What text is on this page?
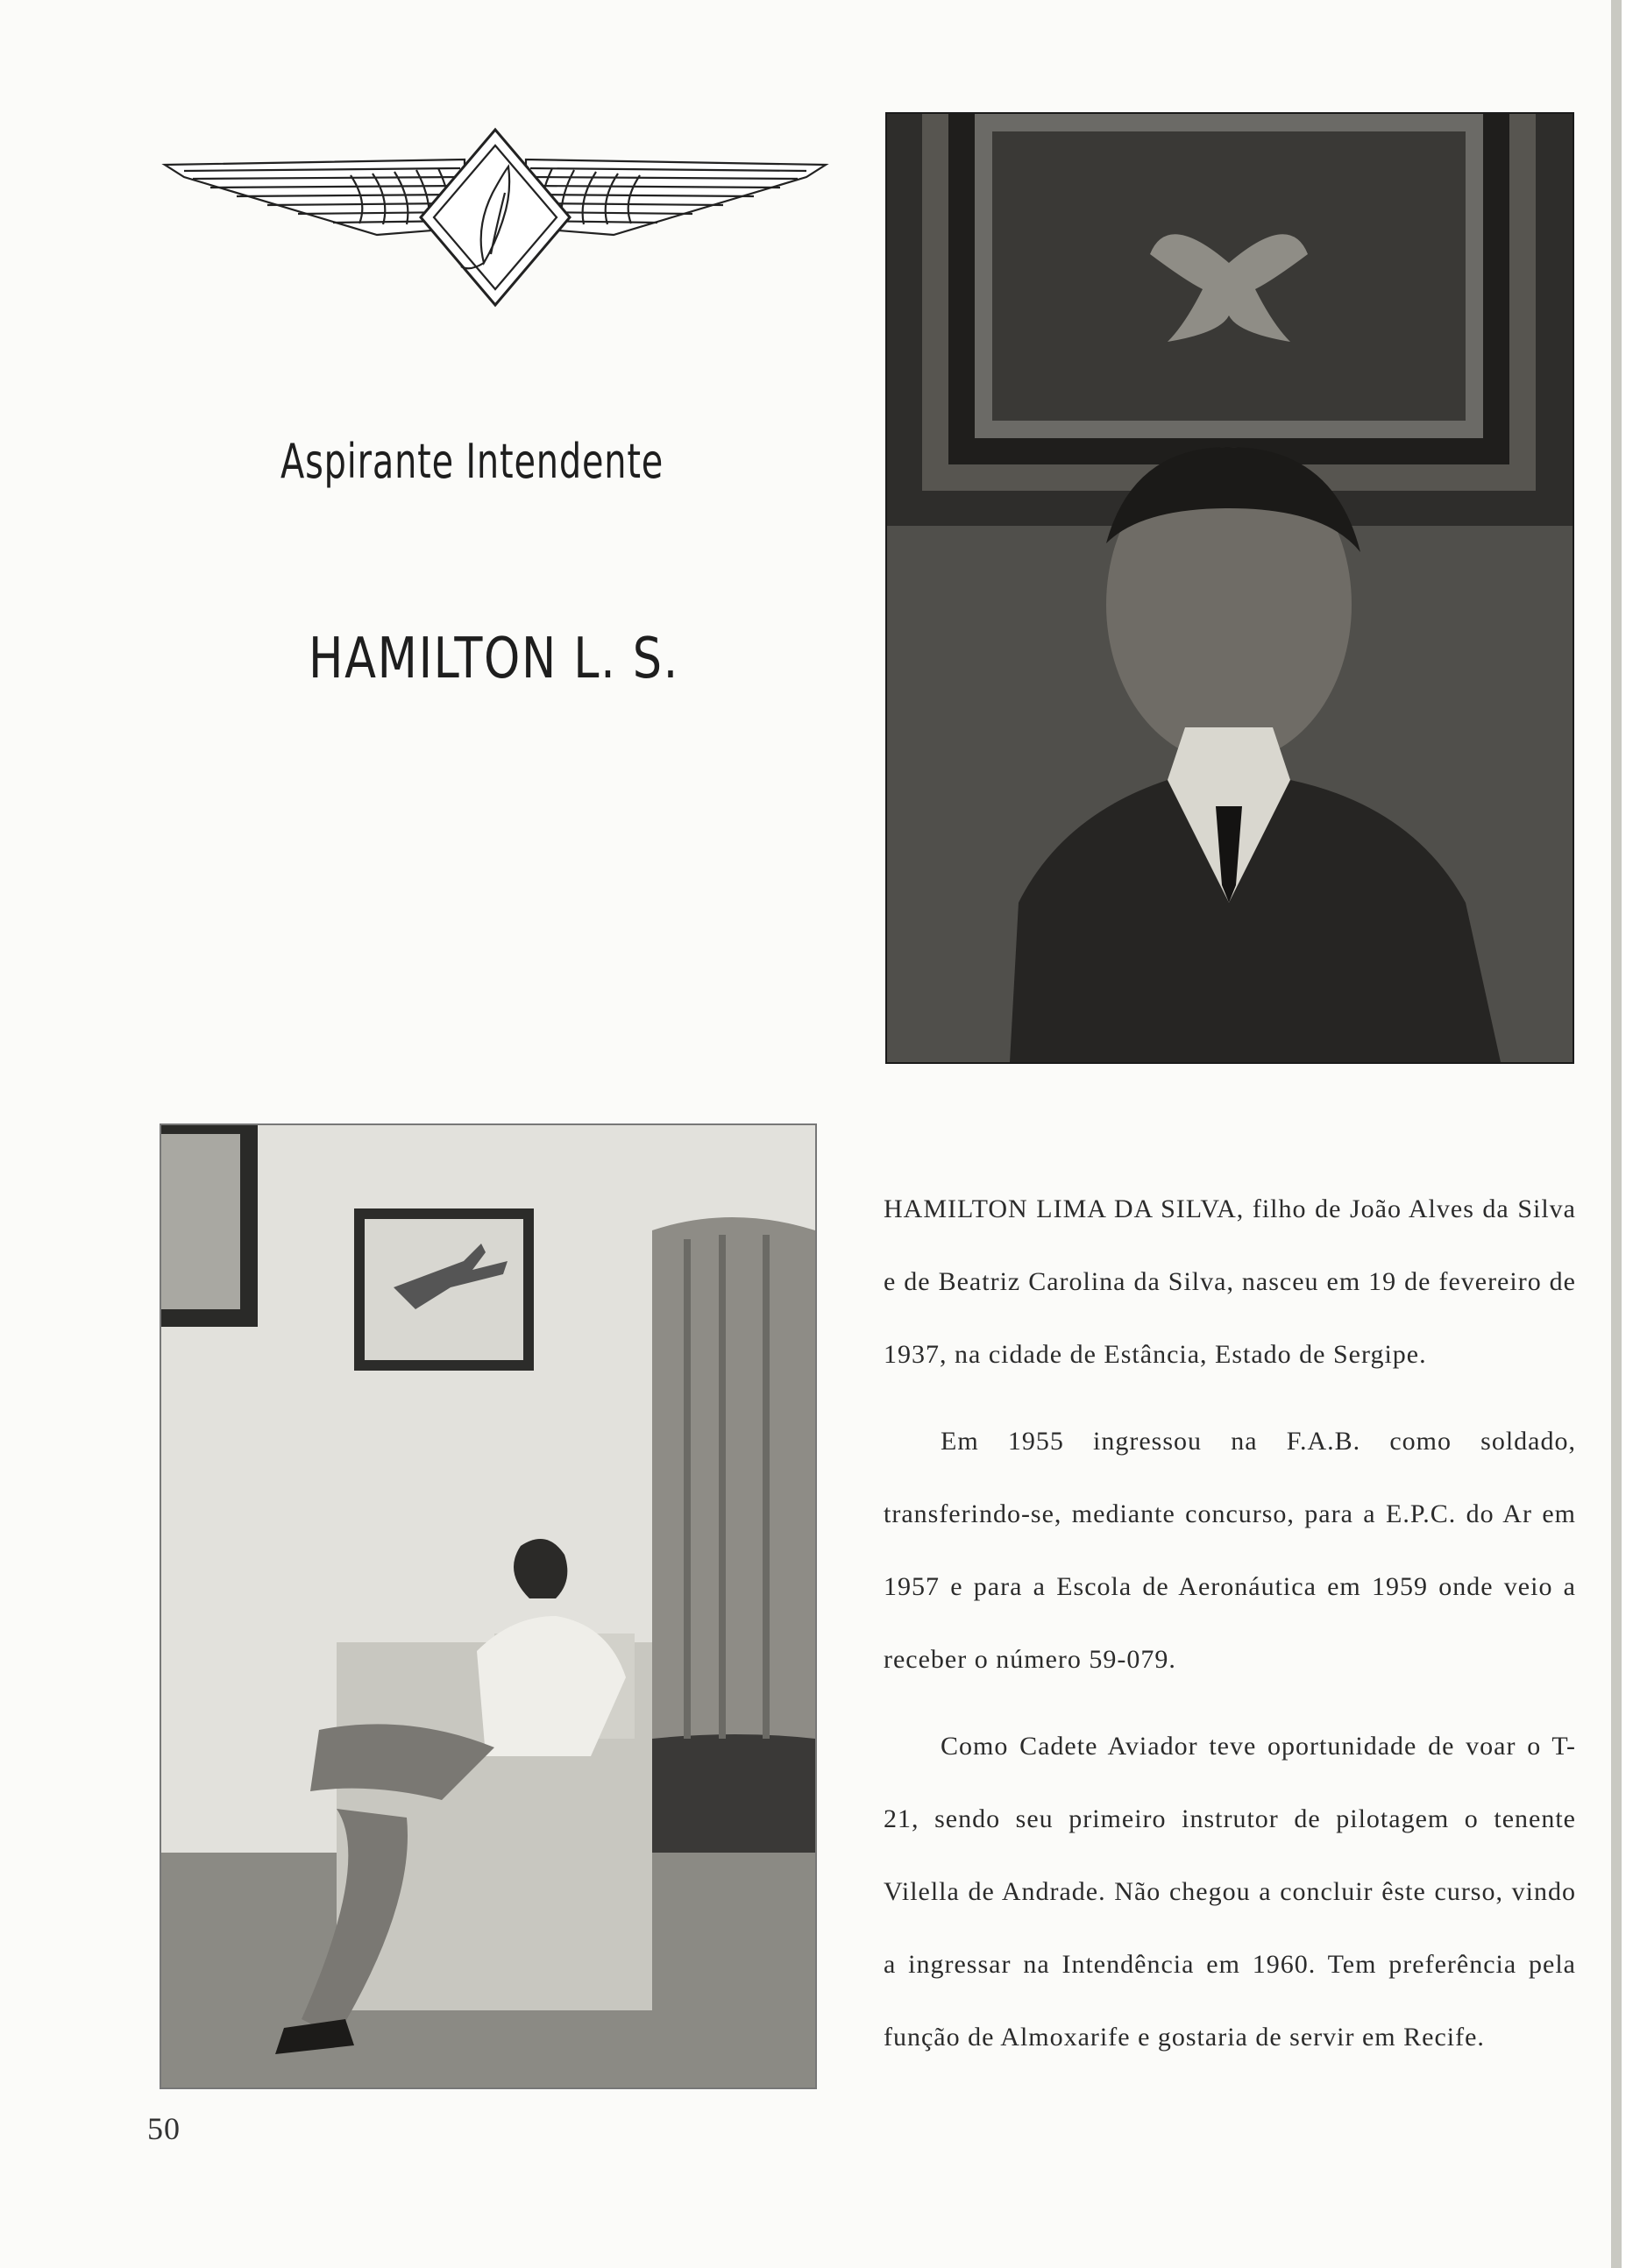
Aspirante Intendente
HAMILTON L. S.

HAMILTON LIMA DA SILVA, filho de João Alves da Silva e de Beatriz Carolina da Silva, nasceu em 19 de fevereiro de 1937, na cidade de Estância, Estado de Sergipe.

Em 1955 ingressou na F.A.B. como soldado, transferindo-se, mediante concurso, para a E.P.C. do Ar em 1957 e para a Escola de Aeronáutica em 1959 onde veio a receber o número 59-079.

Como Cadete Aviador teve oportunidade de voar o T-21, sendo seu primeiro instrutor de pilotagem o tenente Vilella de Andrade. Não chegou a concluir êste curso, vindo a ingressar na Intendência em 1960. Tem preferência pela função de Almoxarife e gostaria de servir em Recife.

50
